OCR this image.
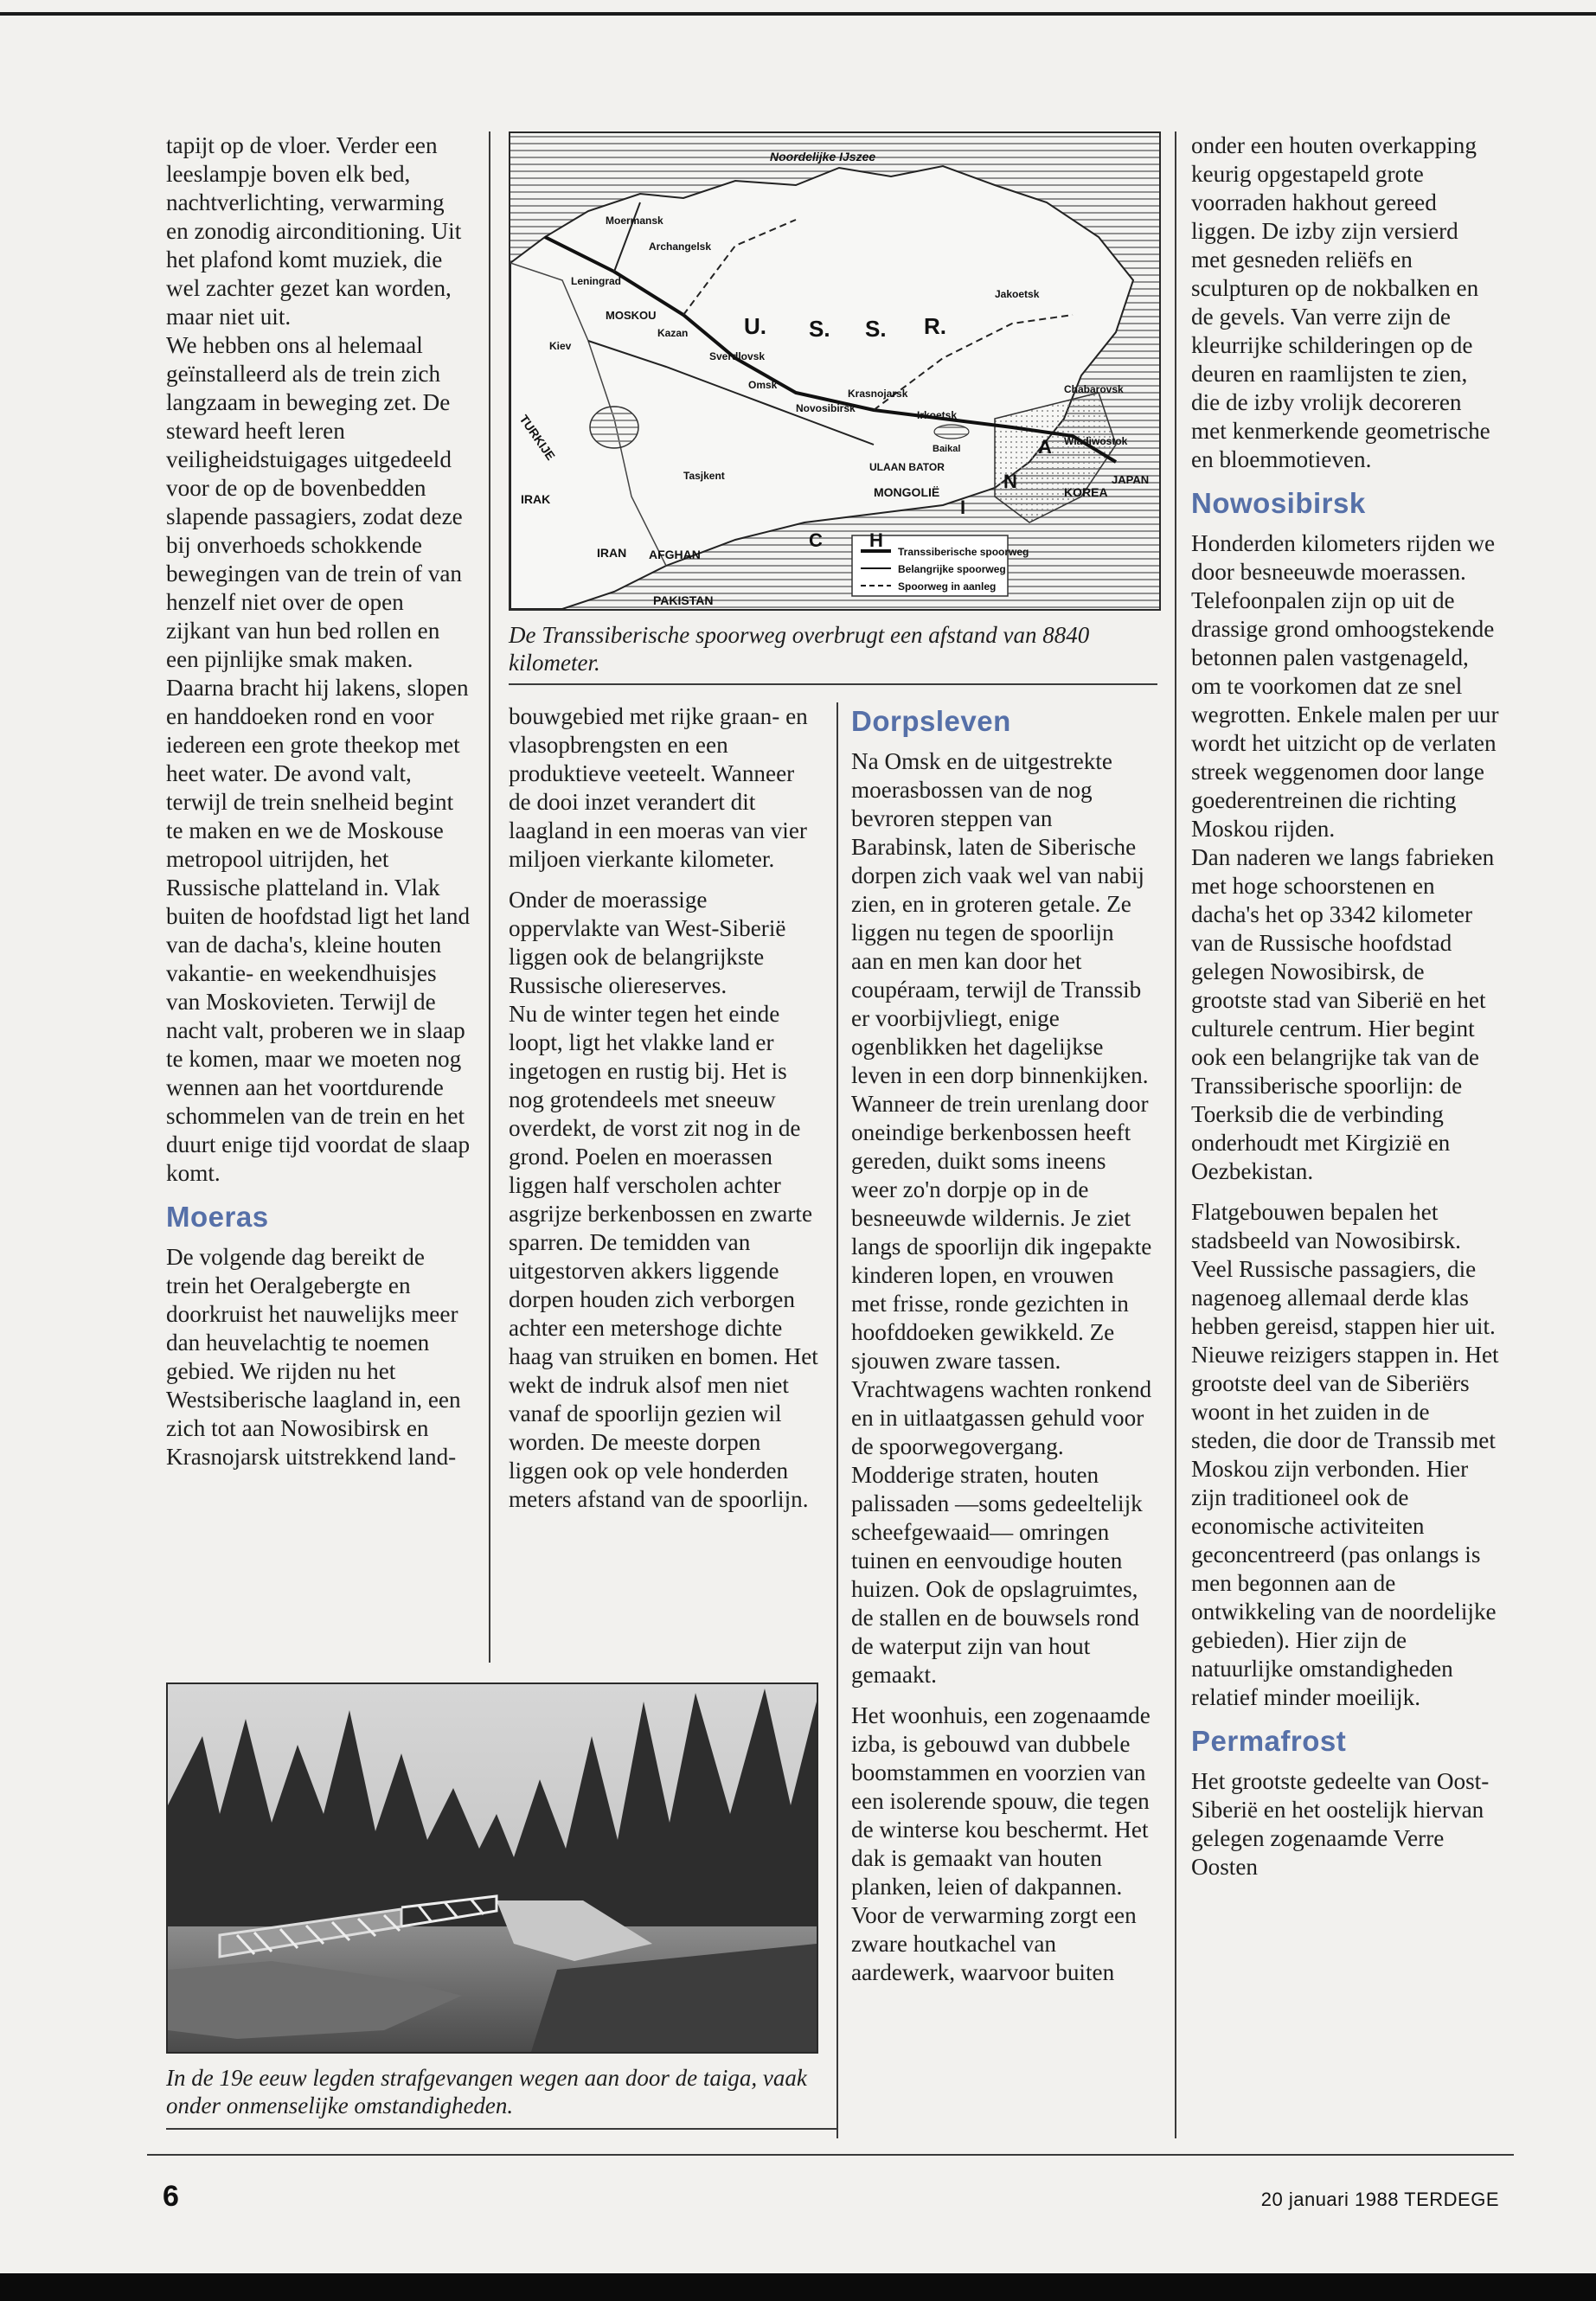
tapijt op de vloer. Verder een leeslampje boven elk bed, nachtverlichting, verwarming en zonodig airconditioning. Uit het plafond komt muziek, die wel zachter gezet kan worden, maar niet uit.

We hebben ons al helemaal geïnstalleerd als de trein zich langzaam in beweging zet. De steward heeft leren veiligheidstuigages uitgedeeld voor de op de bovenbedden slapende passagiers, zodat deze bij onverhoeds schokkende bewegingen van de trein of van henzelf niet over de open zijkant van hun bed rollen en een pijnlijke smak maken. Daarna bracht hij lakens, slopen en handdoeken rond en voor iedereen een grote theekop met heet water. De avond valt, terwijl de trein snelheid begint te maken en we de Moskouse metropool uitrijden, het Russische platteland in. Vlak buiten de hoofdstad ligt het land van de dacha's, kleine houten vakantie- en weekendhuisjes van Moskovieten. Terwijl de nacht valt, proberen we in slaap te komen, maar we moeten nog wennen aan het voortdurende schommelen van de trein en het duurt enige tijd voordat de slaap komt.

Moeras

De volgende dag bereikt de trein het Oeralgebergte en doorkruist het nauwelijks meer dan heuvelachtig te noemen gebied. We rijden nu het Westsiberische laagland in, een zich tot aan Nowosibirsk en Krasnojarsk uitstrekkend land-

Transsiberische spoorweg
Belangrijke spoorweg
Spoorweg in aanleg
U. S. S. R.
C H
I
N
A
TURKIJE
IRAK
IRAN AFGHAN
PAKISTAN
MONGOLIË	KOREA
JAPAN
MOSKOU
Leningrad
Novosibirsk
ULAAN BATOR
Kiev
Kazan
Sverdlovsk
Omsk
Krasnojarsk
Irkoetsk
Tasjkent
Baikal
Chabarovsk
Wladiwostok
Moermansk
Archangelsk
Jakoetsk
Noordelijke IJszee
De Transsiberische spoorweg overbrugt een afstand van 8840 kilometer.

bouwgebied met rijke graan- en vlasopbrengsten en een produktieve veeteelt. Wanneer de dooi inzet verandert dit laagland in een moeras van vier miljoen vierkante kilometer.

Onder de moerassige oppervlakte van West-Siberië liggen ook de belangrijkste Russische oliereserves.

Nu de winter tegen het einde loopt, ligt het vlakke land er ingetogen en rustig bij. Het is nog grotendeels met sneeuw overdekt, de vorst zit nog in de grond. Poelen en moerassen liggen half verscholen achter asgrijze berkenbossen en zwarte sparren. De temidden van uitgestorven akkers liggende dorpen houden zich verborgen achter een metershoge dichte haag van struiken en bomen. Het wekt de indruk alsof men niet vanaf de spoorlijn gezien wil worden. De meeste dorpen liggen ook op vele honderden meters afstand van de spoorlijn.

Dorpsleven

Na Omsk en de uitgestrekte moerasbossen van de nog bevroren steppen van Barabinsk, laten de Siberische dorpen zich vaak wel van nabij zien, en in groteren getale. Ze liggen nu tegen de spoorlijn aan en men kan door het coupéraam, terwijl de Transsib er voorbijvliegt, enige ogenblikken het dagelijkse leven in een dorp binnenkijken. Wanneer de trein urenlang door oneindige berkenbossen heeft gereden, duikt soms ineens weer zo'n dorpje op in de besneeuwde wildernis. Je ziet langs de spoorlijn dik ingepakte kinderen lopen, en vrouwen met frisse, ronde gezichten in hoofddoeken gewikkeld. Ze sjouwen zware tassen. Vrachtwagens wachten ronkend en in uitlaatgassen gehuld voor de spoorwegovergang. Modderige straten, houten palissaden —soms gedeeltelijk scheefgewaaid— omringen tuinen en eenvoudige houten huizen. Ook de opslagruimtes, de stallen en de bouwsels rond de waterput zijn van hout gemaakt.

Het woonhuis, een zogenaamde izba, is gebouwd van dubbele boomstammen en voorzien van een isolerende spouw, die tegen de winterse kou beschermt. Het dak is gemaakt van houten planken, leien of dakpannen. Voor de verwarming zorgt een zware houtkachel van aardewerk, waarvoor buiten

onder een houten overkapping keurig opgestapeld grote voorraden hakhout gereed liggen. De izby zijn versierd met gesneden reliëfs en sculpturen op de nokbalken en de gevels. Van verre zijn de kleurrijke schilderingen op de deuren en raamlijsten te zien, die de izby vrolijk decoreren met kenmerkende geometrische en bloemmotieven.

Nowosibirsk

Honderden kilometers rijden we door besneeuwde moerassen. Telefoonpalen zijn op uit de drassige grond omhoogstekende betonnen palen vastgenageld, om te voorkomen dat ze snel wegrotten. Enkele malen per uur wordt het uitzicht op de verlaten streek weggenomen door lange goederentreinen die richting Moskou rijden.

Dan naderen we langs fabrieken met hoge schoorstenen en dacha's het op 3342 kilometer van de Russische hoofdstad gelegen Nowosibirsk, de grootste stad van Siberië en het culturele centrum. Hier begint ook een belangrijke tak van de Transsiberische spoorlijn: de Toerksib die de verbinding onderhoudt met Kirgizië en Oezbekistan.

Flatgebouwen bepalen het stadsbeeld van Nowosibirsk. Veel Russische passagiers, die nagenoeg allemaal derde klas hebben gereisd, stappen hier uit. Nieuwe reizigers stappen in. Het grootste deel van de Siberiërs woont in het zuiden in de steden, die door de Transsib met Moskou zijn verbonden. Hier zijn traditioneel ook de economische activiteiten geconcentreerd (pas onlangs is men begonnen aan de ontwikkeling van de noordelijke gebieden). Hier zijn de natuurlijke omstandigheden relatief minder moeilijk.

Permafrost

Het grootste gedeelte van Oost-Siberië en het oostelijk hiervan gelegen zogenaamde Verre Oosten

In de 19e eeuw legden strafgevangen wegen aan door de taiga, vaak onder onmenselijke omstandigheden.
6	20 januari 1988 TERDEGE
